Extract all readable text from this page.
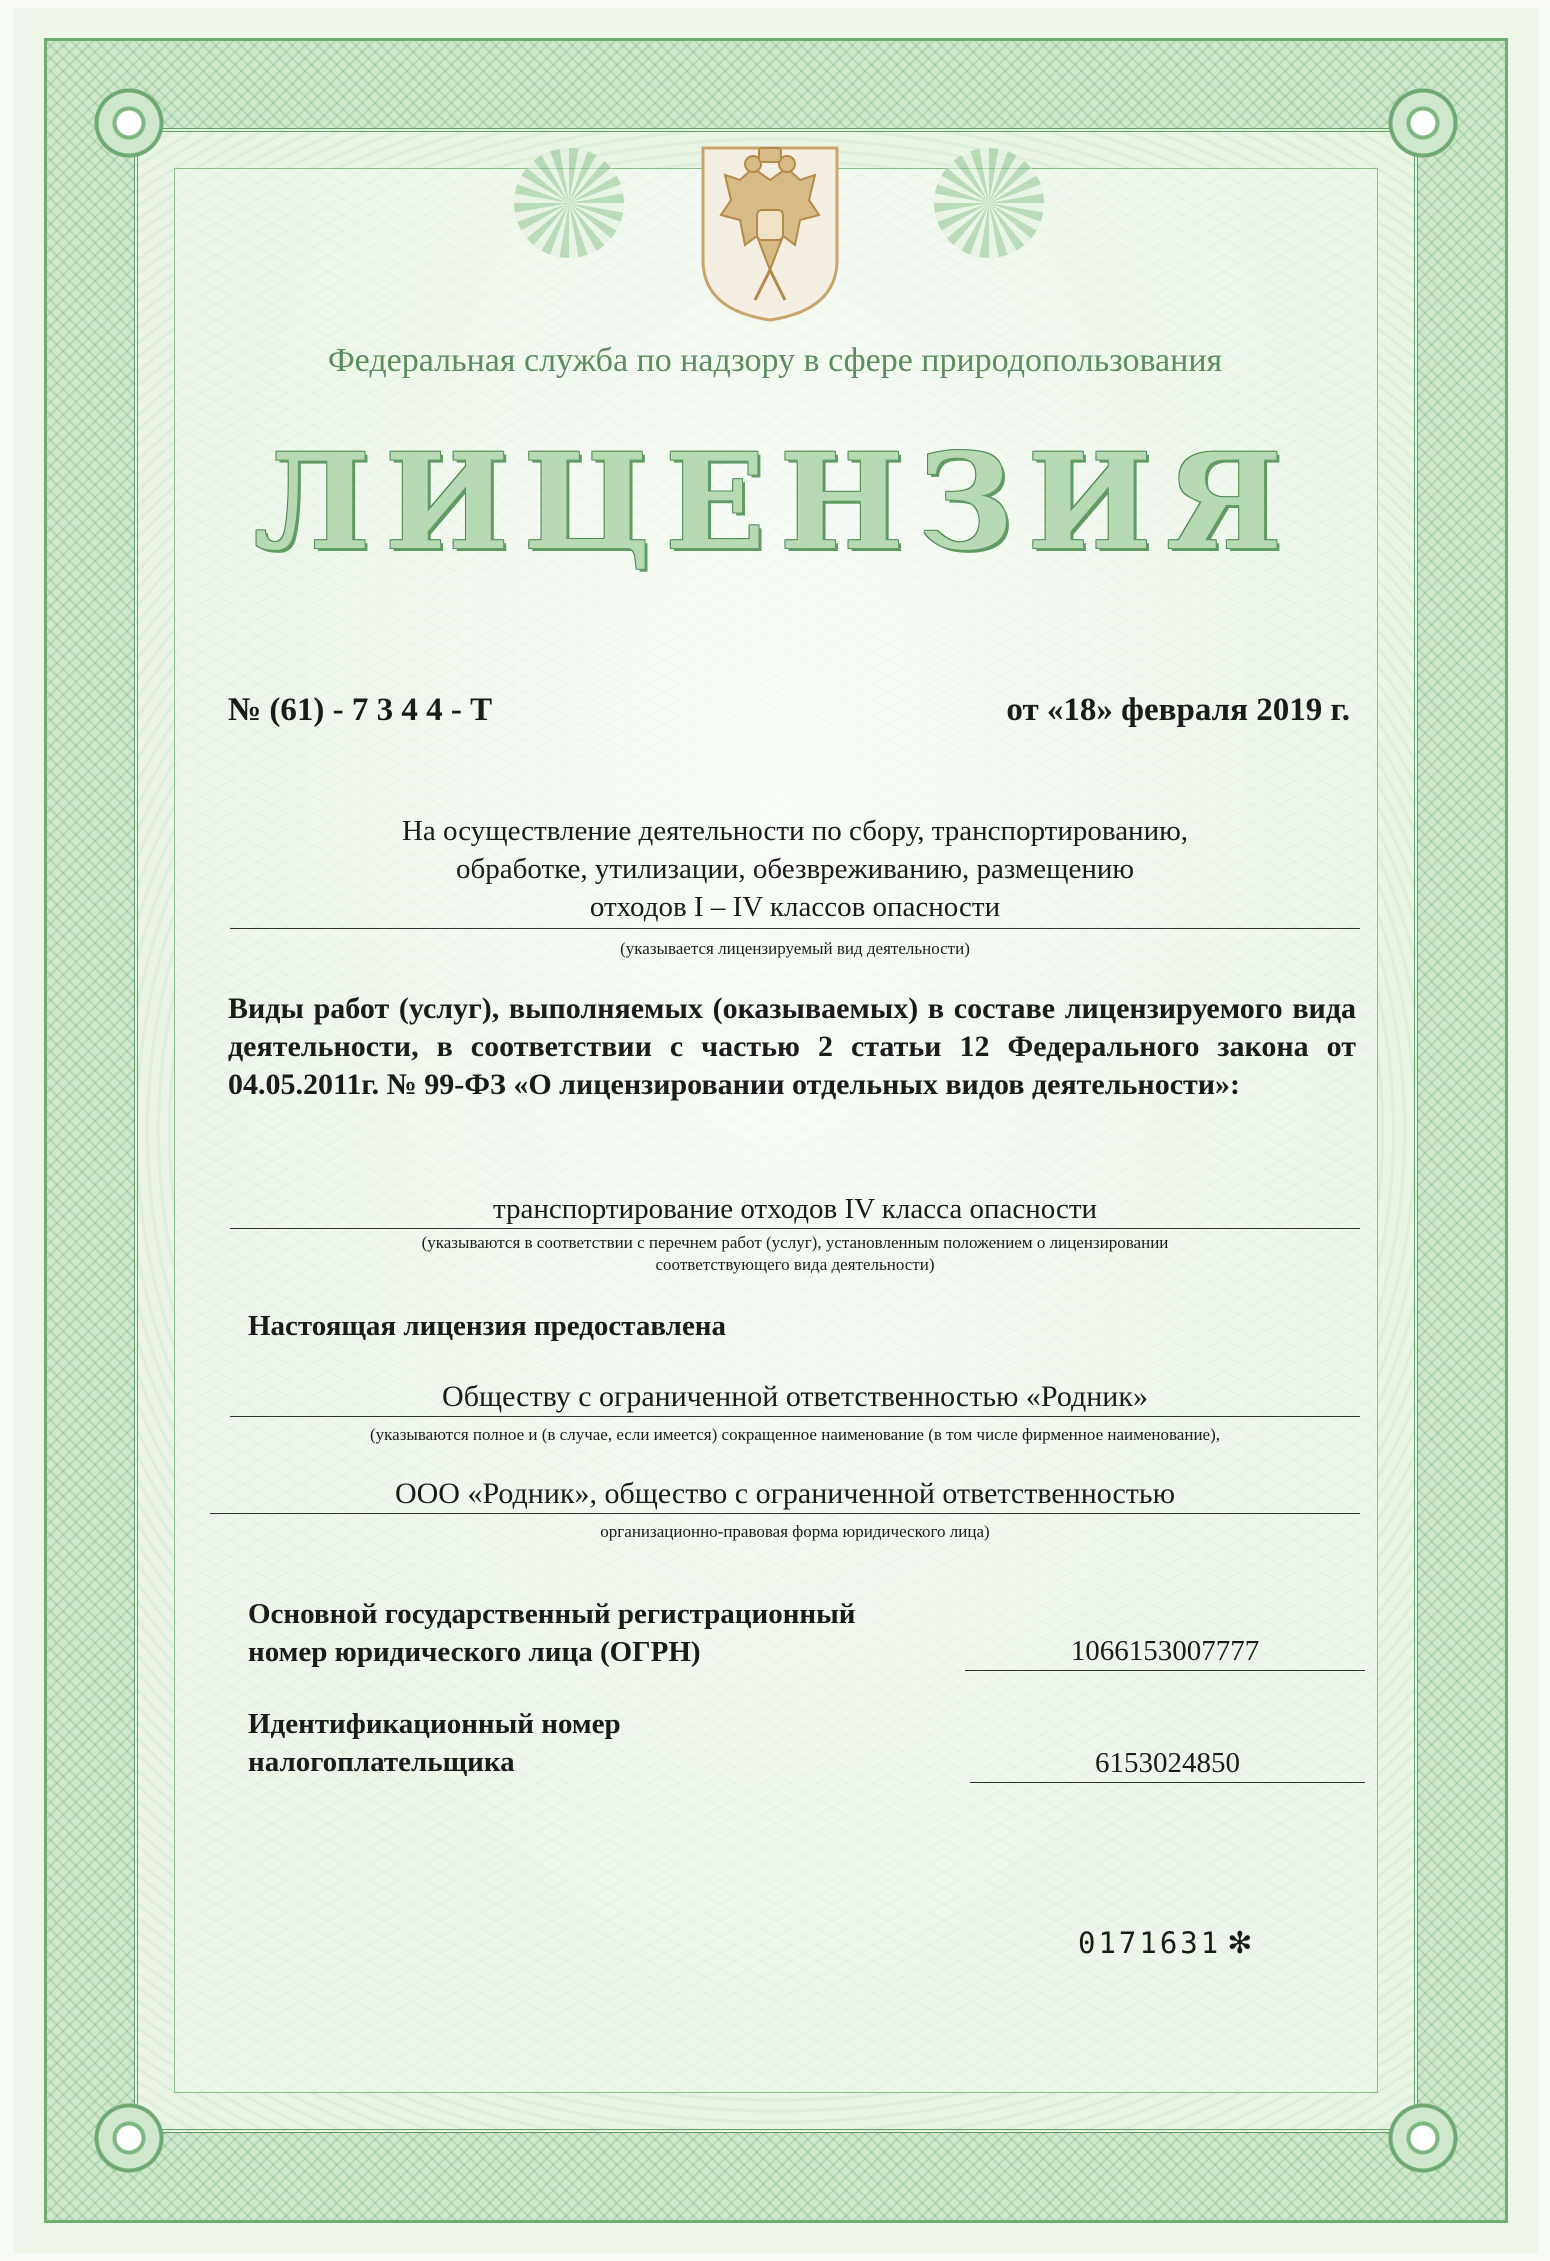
Федеральная служба по надзору в сфере природопользования
ЛИЦЕНЗИЯ
№ (61) - 7 3 4 4 - Т	от «18» февраля 2019 г.
На осуществление деятельности по сбору, транспортированию,
обработке, утилизации, обезвреживанию, размещению
отходов I – IV классов опасности
(указывается лицензируемый вид деятельности)
Виды работ (услуг), выполняемых (оказываемых) в составе лицензируемого вида деятельности, в соответствии с частью 2 статьи 12 Федерального закона от 04.05.2011г. № 99-ФЗ «О лицензировании отдельных видов деятельности»:
транспортирование отходов IV класса опасности
(указываются в соответствии с перечнем работ (услуг), установленным положением о лицензировании
соответствующего вида деятельности)
Настоящая лицензия предоставлена
Обществу с ограниченной ответственностью «Родник»
(указываются полное и (в случае, если имеется) сокращенное наименование (в том числе фирменное наименование),
ООО «Родник», общество с ограниченной ответственностью
организационно-правовая форма юридического лица)
Основной государственный регистрационный
номер юридического лица (ОГРН)	1066153007777
Идентификационный номер
налогоплательщика	6153024850
0171631 ✻
